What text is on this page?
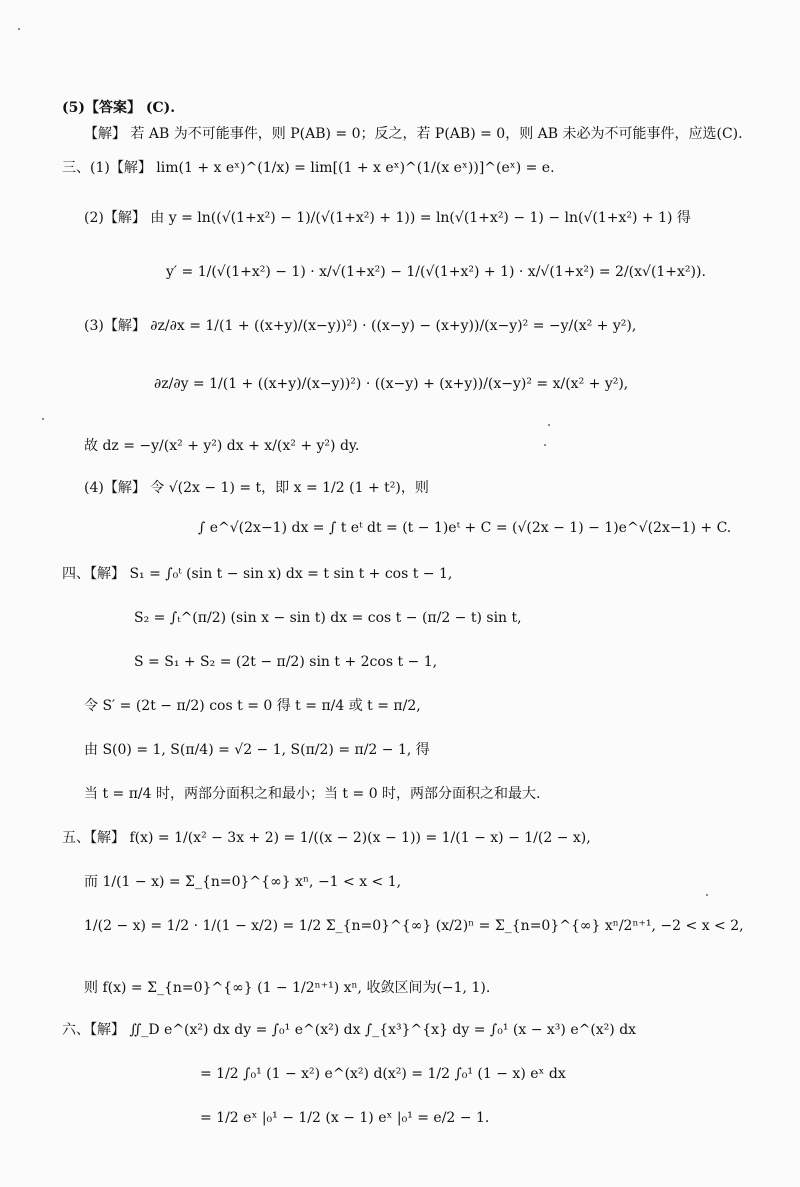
(5)【答案】 (C).
【解】 若 AB 为不可能事件，则 P(AB) = 0；反之，若 P(AB) = 0，则 AB 未必为不可能事件，应选(C).
三、(1)【解】 lim(1 + x eˣ)^(1/x) = lim[(1 + x eˣ)^(1/(x eˣ))]^(eˣ) = e.
(2)【解】 由 y = ln((√(1+x²) − 1)/(√(1+x²) + 1)) = ln(√(1+x²) − 1) − ln(√(1+x²) + 1) 得
y′ = 1/(√(1+x²) − 1) · x/√(1+x²) − 1/(√(1+x²) + 1) · x/√(1+x²) = 2/(x√(1+x²)).
(3)【解】 ∂z/∂x = 1/(1 + ((x+y)/(x−y))²) · ((x−y) − (x+y))/(x−y)² = −y/(x² + y²),
∂z/∂y = 1/(1 + ((x+y)/(x−y))²) · ((x−y) + (x+y))/(x−y)² = x/(x² + y²),
故 dz = −y/(x² + y²) dx + x/(x² + y²) dy.
(4)【解】 令 √(2x − 1) = t，即 x = 1/2 (1 + t²)，则
∫ e^√(2x−1) dx = ∫ t eᵗ dt = (t − 1)eᵗ + C = (√(2x − 1) − 1)e^√(2x−1) + C.
四、【解】 S₁ = ∫₀ᵗ (sin t − sin x) dx = t sin t + cos t − 1,
S₂ = ∫ₜ^(π/2) (sin x − sin t) dx = cos t − (π/2 − t) sin t,
S = S₁ + S₂ = (2t − π/2) sin t + 2cos t − 1,
令 S′ = (2t − π/2) cos t = 0 得 t = π/4 或 t = π/2,
由 S(0) = 1, S(π/4) = √2 − 1, S(π/2) = π/2 − 1, 得
当 t = π/4 时，两部分面积之和最小；当 t = 0 时，两部分面积之和最大.
五、【解】 f(x) = 1/(x² − 3x + 2) = 1/((x − 2)(x − 1)) = 1/(1 − x) − 1/(2 − x),
而 1/(1 − x) = Σ_{n=0}^{∞} xⁿ, −1 < x < 1,
1/(2 − x) = 1/2 · 1/(1 − x/2) = 1/2 Σ_{n=0}^{∞} (x/2)ⁿ = Σ_{n=0}^{∞} xⁿ/2ⁿ⁺¹, −2 < x < 2,
则 f(x) = Σ_{n=0}^{∞} (1 − 1/2ⁿ⁺¹) xⁿ, 收敛区间为(−1, 1).
六、【解】 ∬_D e^(x²) dx dy = ∫₀¹ e^(x²) dx ∫_{x³}^{x} dy = ∫₀¹ (x − x³) e^(x²) dx
= 1/2 ∫₀¹ (1 − x²) e^(x²) d(x²) = 1/2 ∫₀¹ (1 − x) eˣ dx
= 1/2 eˣ |₀¹ − 1/2 (x − 1) eˣ |₀¹ = e/2 − 1.
